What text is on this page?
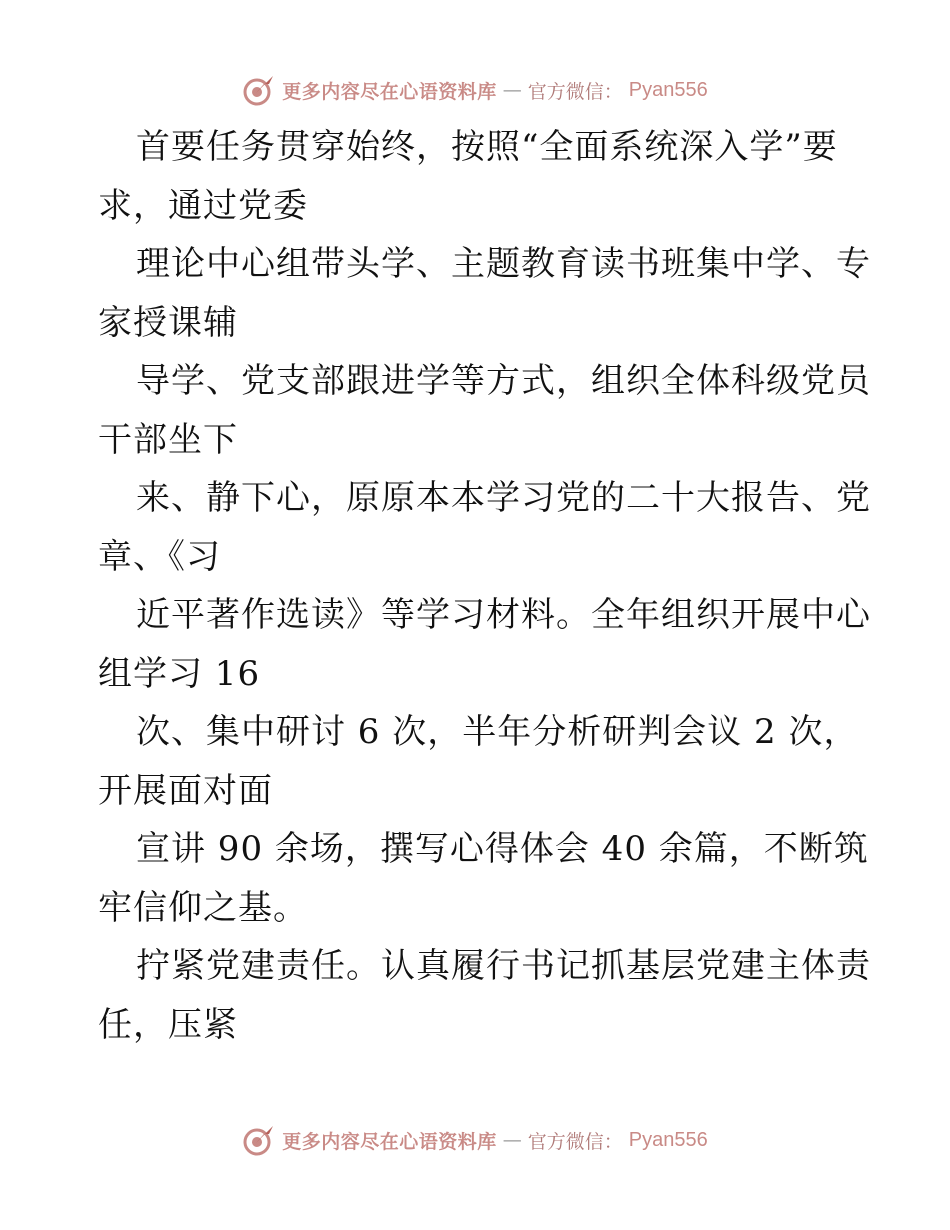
更多内容尽在心语资料库 — 官方微信： Pyan556
首要任务贯穿始终，按照“全面系统深入学”要
求，通过党委
理论中心组带头学、主题教育读书班集中学、专
家授课辅
导学、党支部跟进学等方式，组织全体科级党员
干部坐下
来、静下心，原原本本学习党的二十大报告、党
章、《习
近平著作选读》等学习材料。全年组织开展中心
组学习 16
次、集中研讨 6 次，半年分析研判会议 2 次，
开展面对面
宣讲 90 余场，撰写心得体会 40 余篇，不断筑
牢信仰之基。
拧紧党建责任。认真履行书记抓基层党建主体责
任，压紧
更多内容尽在心语资料库 — 官方微信： Pyan556
